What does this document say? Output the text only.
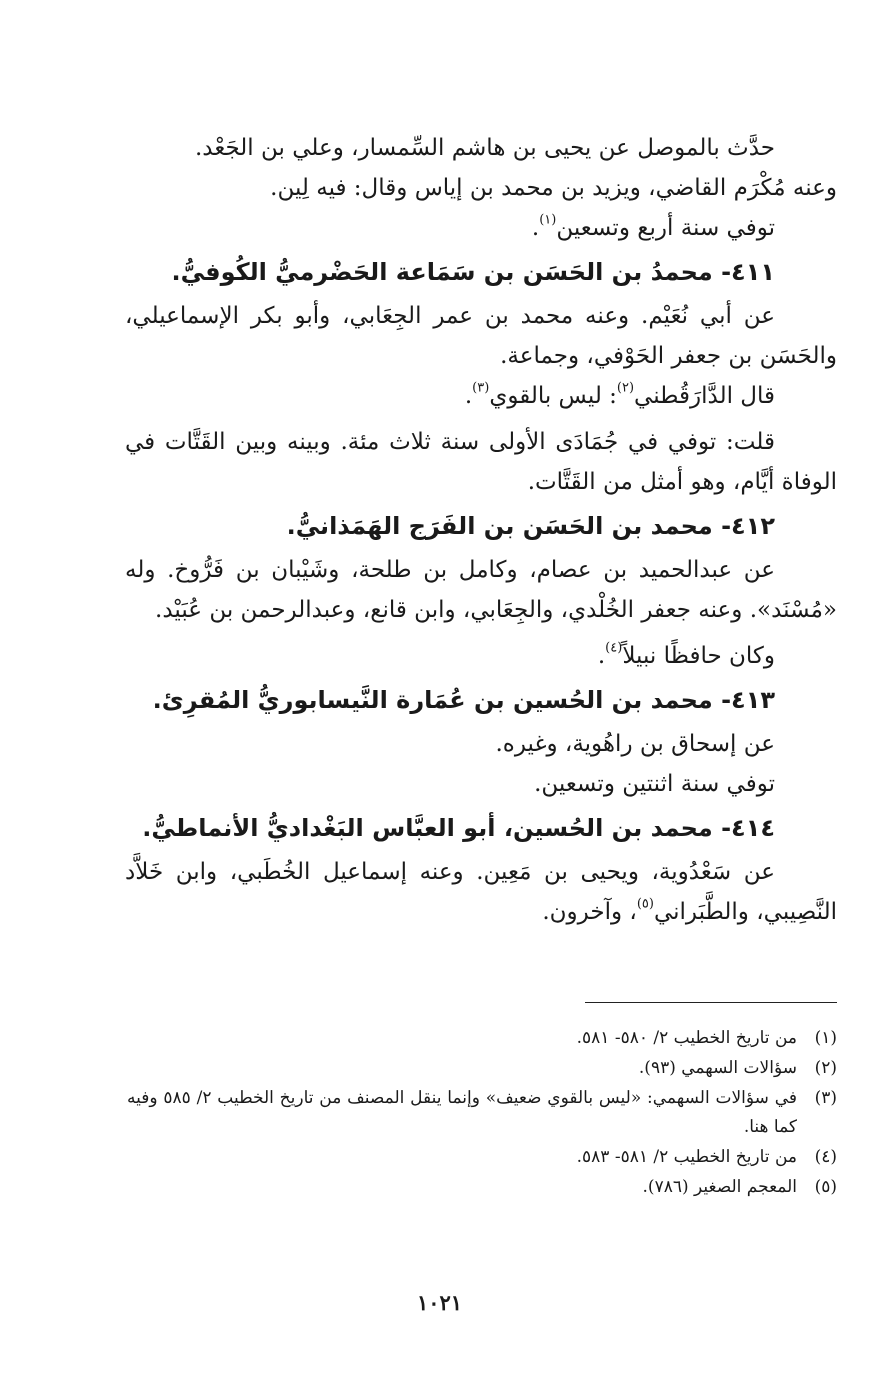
حدَّث بالموصل عن يحيى بن هاشم السِّمسار، وعلي بن الجَعْد.

وعنه مُكْرَم القاضي، ويزيد بن محمد بن إياس وقال: فيه لِين.

توفي سنة أربع وتسعين$^{(١)}$.

٤١١- محمدُ بن الحَسَن بن سَمَاعة الحَضْرميُّ الكُوفيُّ.

عن أبي نُعَيْم. وعنه محمد بن عمر الجِعَابي، وأبو بكر الإسماعيلي، والحَسَن بن جعفر الحَوْفي، وجماعة.

قال الدَّارَقُطني$^{(٢)}$: ليس بالقوي$^{(٣)}$.

قلت: توفي في جُمَادَى الأولى سنة ثلاث مئة. وبينه وبين القَتَّات في الوفاة أيَّام، وهو أمثل من القَتَّات.

٤١٢- محمد بن الحَسَن بن الفَرَج الهَمَذانيُّ.

عن عبدالحميد بن عصام، وكامل بن طلحة، وشَيْبان بن فَرُّوخ. وله «مُسْنَد». وعنه جعفر الخُلْدي، والجِعَابي، وابن قانع، وعبدالرحمن بن عُبَيْد.

وكان حافظًا نبيلاً$^{(٤)}$.

٤١٣- محمد بن الحُسين بن عُمَارة النَّيسابوريُّ المُقرِئ.

عن إسحاق بن راهُوية، وغيره.

توفي سنة اثنتين وتسعين.

٤١٤- محمد بن الحُسين، أبو العبَّاس البَغْداديُّ الأنماطيُّ.

عن سَعْدُوية، ويحيى بن مَعِين. وعنه إسماعيل الخُطَبي، وابن خَلاَّد النَّصِيبي، والطَّبَراني$^{(٥)}$، وآخرون.

(١)
من تاريخ الخطيب ٢/ ٥٨٠- ٥٨١.
(٢)
سؤالات السهمي (٩٣).
(٣)
في سؤالات السهمي: «ليس بالقوي ضعيف» وإنما ينقل المصنف من تاريخ الخطيب ٢/ ٥٨٥ وفيه كما هنا.
(٤)
من تاريخ الخطيب ٢/ ٥٨١- ٥٨٣.
(٥)
المعجم الصغير (٧٨٦).
١٠٢١
